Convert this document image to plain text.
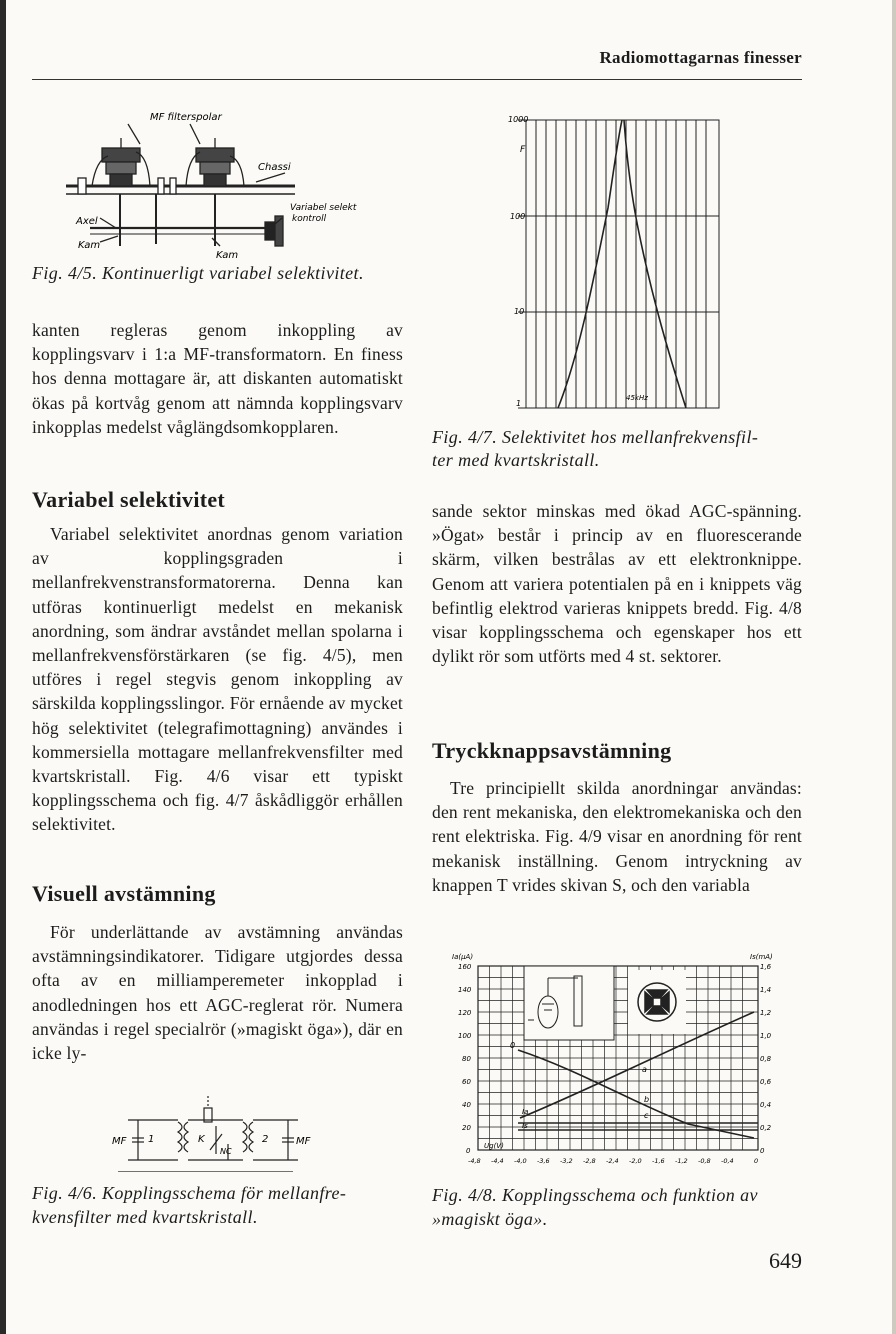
Radiomottagarnas finesser
MF filterspolar
Chassi
Variabel selekt
kontroll
Axel
Kam
Kam
Fig. 4/5. Kontinuerligt variabel selektivitet.
1000
F
100
10
1
45kHz
Fig. 4/7. Selektivitet hos mellanfrekvensfil-
ter med kvartskristall.

kanten regleras genom inkoppling av kopplingsvarv i 1:a MF-transformatorn. En finess hos denna mottagare är, att diskanten automatiskt ökas på kortvåg genom att nämnda kopplingsvarv inkopplas medelst våglängdsomkopplaren.

Variabel selektivitet

Variabel selektivitet anordnas genom variation av kopplingsgraden i mellanfrekvenstransformatorerna. Denna kan utföras kontinuerligt medelst en mekanisk anordning, som ändrar avståndet mellan spolarna i mellanfrekvensförstärkaren (se fig. 4/5), men utföres i regel stegvis genom inkoppling av särskilda kopplingsslingor. För ernående av mycket hög selektivitet (telegrafimottagning) användes i kommersiella mottagare mellanfrekvensfilter med kvartskristall. Fig. 4/6 visar ett typiskt kopplingsschema och fig. 4/7 åskådliggör erhållen selektivitet.

Visuell avstämning

För underlättande av avstämning användas avstämningsindikatorer. Tidigare utgjordes dessa ofta av en milliamperemeter inkopplad i anodledningen hos ett AGC-reglerat rör. Numera användas i regel specialrör (»magiskt öga»), där en icke ly-

sande sektor minskas med ökad AGC-spänning. »Ögat» består i princip av en fluorescerande skärm, vilken bestrålas av ett elektronknippe. Genom att variera potentialen på en i knippets väg befintlig elektrod varieras knippets bredd. Fig. 4/8 visar kopplingsschema och egenskaper hos ett dylikt rör som utförts med 4 st. sektorer.

Tryckknappsavstämning

Tre principiellt skilda anordningar användas: den rent mekaniska, den elektromekaniska och den rent elektriska. Fig. 4/9 visar en anordning för rent mekanisk inställning. Genom intryckning av knappen T vrides skivan S, och den variabla

MF 1	K
NC
2	MF
Fig. 4/6. Kopplingsschema för mellanfre-
kvensfilter med kvartskristall.
160
140
120
100
80
60
40
20
0
1,6
1,4
1,2
1,0
0,8
0,6
0,4
0,2
0
-4,8 -4,4 -4,0 -3,6 -3,2 -2,8 -2,4 -2,0 -1,6 -1,2 -0,8 -0,4	0
Ia(µA)	Is(mA)
Ug(V)
Ia
Is
0
a
b
c
Fig. 4/8. Kopplingsschema och funktion av
»magiskt öga».
649
